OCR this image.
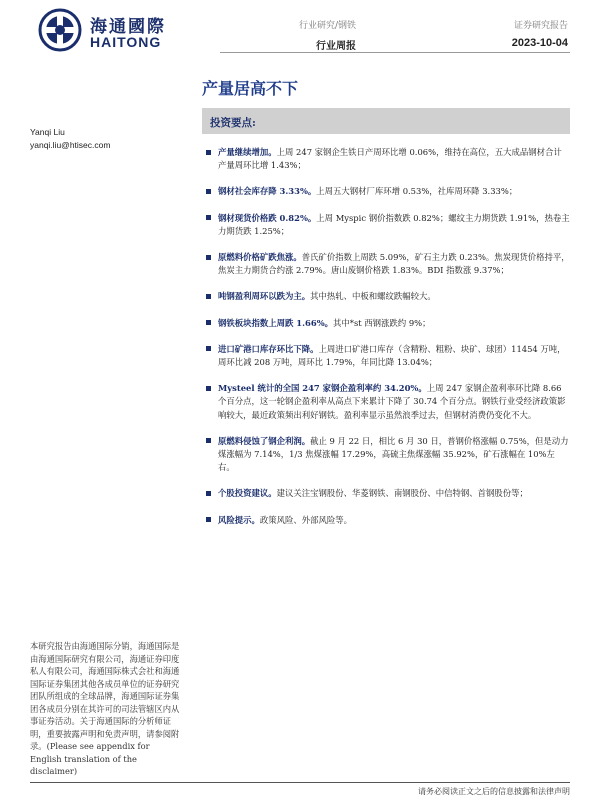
海通國際
HAITONG
行业研究/钢铁
行业周报
证券研究报告
2023-10-04
产量居高不下
Yanqi Liu
yanqi.liu@htisec.com
投资要点:
产量继续增加。上周 247 家钢企生铁日产周环比增 0.06%，维持在高位，五大成品钢材合计产量周环比增 1.43%；
钢材社会库存降 3.33%。上周五大钢材厂库环增 0.53%，社库周环降 3.33%；
钢材现货价格跌 0.82%。上周 Myspic 钢价指数跌 0.82%；螺纹主力期货跌 1.91%，热卷主力期货跌 1.25%；
原燃料价格矿跌焦涨。普氏矿价指数上周跌 5.09%，矿石主力跌 0.23%。焦炭现货价格持平，焦炭主力期货合约涨 2.79%。唐山废钢价格跌 1.83%。BDI 指数涨 9.37%；
吨钢盈利周环以跌为主。其中热轧、中板和螺纹跌幅较大。
钢铁板块指数上周跌 1.66%。其中*st 西钢涨跌约 9%；
进口矿港口库存环比下降。上周进口矿港口库存（含精粉、粗粉、块矿、球团）11454 万吨，周环比减 208 万吨，周环比 1.79%，年同比降 13.04%；
Mysteel 统计的全国 247 家钢企盈利率约 34.20%。上周 247 家钢企盈利率环比降 8.66 个百分点，这一轮钢企盈利率从高点下来累计下降了 30.74 个百分点。钢铁行业受经济政策影响较大，最近政策频出利好钢铁。盈利率显示虽然浪季过去，但钢材消费仍变化不大。
原燃料侵蚀了钢企利润。截止 9 月 22 日，相比 6 月 30 日，普钢价格涨幅 0.75%，但是动力煤涨幅为 7.14%，1/3 焦煤涨幅 17.29%，高硫主焦煤涨幅 35.92%，矿石涨幅在 10%左右。
个股投资建议。建议关注宝钢股份、华菱钢铁、南钢股份、中信特钢、首钢股份等；
风险提示。政策风险、外部风险等。
本研究报告由海通国际分销，海通国际是由海通国际研究有限公司，海通证券印度私人有限公司，海通国际株式会社和海通国际证券集团其他各成员单位的证券研究团队所组成的全球品牌，海通国际证券集团各成员分别在其许可的司法管辖区内从事证券活动。关于海通国际的分析师证明，重要披露声明和免责声明，请参阅附录。(Please see appendix for English translation of the disclaimer)
请务必阅读正文之后的信息披露和法律声明
